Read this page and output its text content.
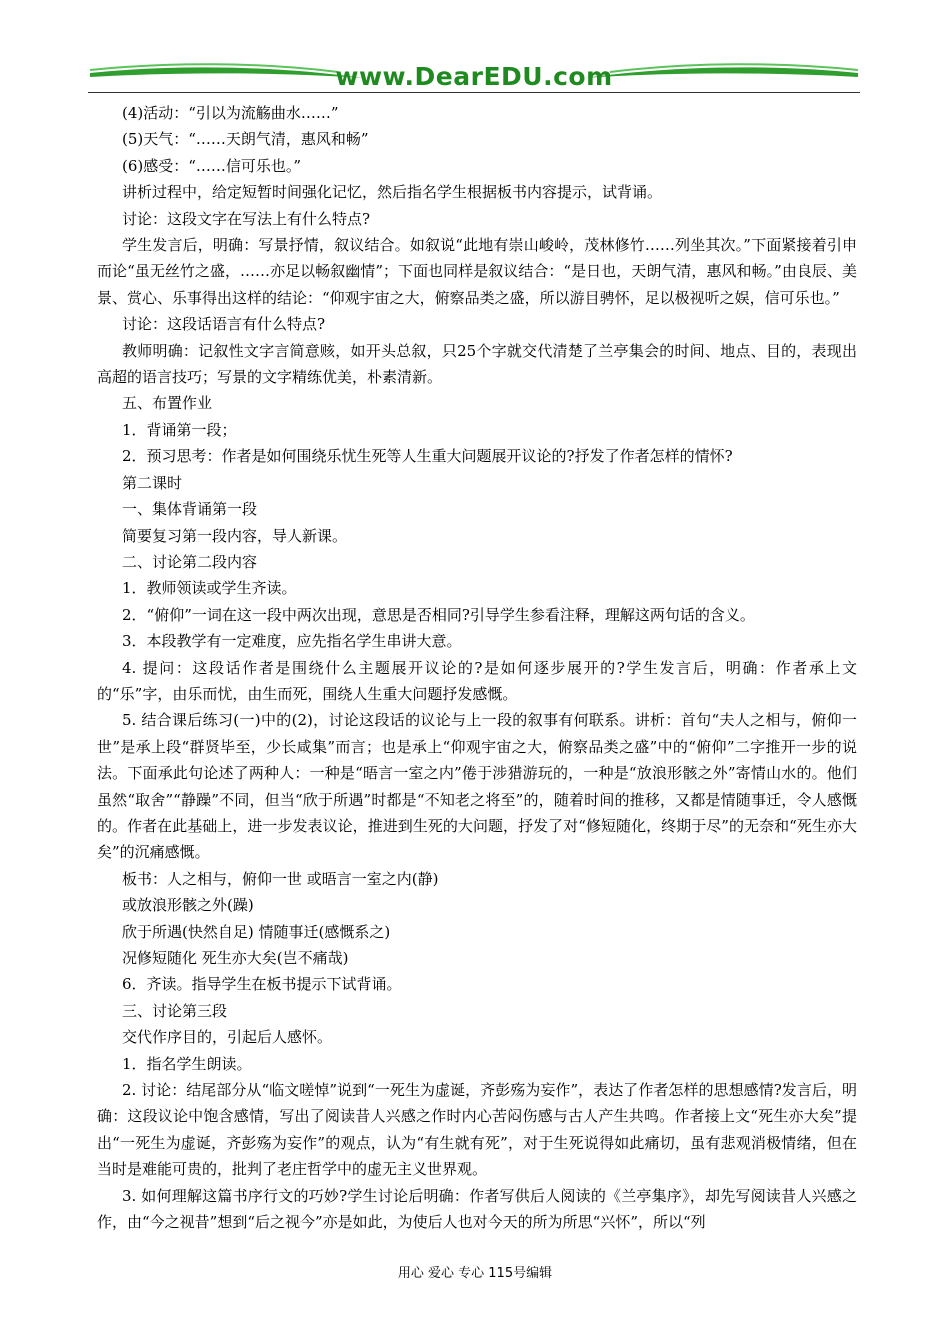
www.DearEDU.com

(4)活动：“引以为流觞曲水……”

(5)天气：“……天朗气清，惠风和畅”

(6)感受：“……信可乐也。”

讲析过程中，给定短暂时间强化记忆，然后指名学生根据板书内容提示，试背诵。

讨论：这段文字在写法上有什么特点?

学生发言后，明确：写景抒情，叙议结合。如叙说“此地有崇山峻岭，茂林修竹……列坐其次。”下面紧接着引申而论“虽无丝竹之盛，……亦足以畅叙幽情”；下面也同样是叙议结合：“是日也，天朗气清，惠风和畅。”由良辰、美景、赏心、乐事得出这样的结论：“仰观宇宙之大，俯察品类之盛，所以游目骋怀，足以极视听之娱，信可乐也。”

讨论：这段话语言有什么特点?

教师明确：记叙性文字言简意赅，如开头总叙，只25个字就交代清楚了兰亭集会的时间、地点、目的，表现出高超的语言技巧；写景的文字精练优美，朴素清新。

五、布置作业

1．背诵第一段；

2．预习思考：作者是如何围绕乐忧生死等人生重大问题展开议论的?抒发了作者怎样的情怀?

第二课时

一、集体背诵第一段

简要复习第一段内容，导人新课。

二、讨论第二段内容

1．教师领读或学生齐读。

2．“俯仰”一词在这一段中两次出现，意思是否相同?引导学生参看注释，理解这两句话的含义。

3．本段教学有一定难度，应先指名学生串讲大意。

4. 提问：这段话作者是围绕什么主题展开议论的?是如何逐步展开的?学生发言后，明确：作者承上文的“乐”字，由乐而忧，由生而死，围绕人生重大问题抒发感慨。

5. 结合课后练习(一)中的(2)，讨论这段话的议论与上一段的叙事有何联系。讲析：首句“夫人之相与，俯仰一世”是承上段“群贤毕至，少长咸集”而言；也是承上“仰观宇宙之大，俯察品类之盛”中的“俯仰”二字推开一步的说法。下面承此句论述了两种人：一种是“晤言一室之内”倦于涉猎游玩的，一种是“放浪形骸之外”寄情山水的。他们虽然“取舍”“静躁”不同，但当“欣于所遇”时都是“不知老之将至”的，随着时间的推移，又都是情随事迁，令人感慨的。作者在此基础上，进一步发表议论，推进到生死的大问题，抒发了对“修短随化，终期于尽”的无奈和“死生亦大矣”的沉痛感慨。

板书：人之相与，俯仰一世 或晤言一室之内(静)

或放浪形骸之外(躁)

欣于所遇(快然自足) 情随事迁(感慨系之)

况修短随化 死生亦大矣(岂不痛哉)

6．齐读。指导学生在板书提示下试背诵。

三、讨论第三段

交代作序目的，引起后人感怀。

1．指名学生朗读。

2. 讨论：结尾部分从“临文嗟悼”说到“一死生为虚诞，齐彭殇为妄作”，表达了作者怎样的思想感情?发言后，明确：这段议论中饱含感情，写出了阅读昔人兴感之作时内心苦闷伤感与古人产生共鸣。作者接上文“死生亦大矣”提出“一死生为虚诞，齐彭殇为妄作”的观点，认为“有生就有死”，对于生死说得如此痛切，虽有悲观消极情绪，但在当时是难能可贵的，批判了老庄哲学中的虚无主义世界观。

3. 如何理解这篇书序行文的巧妙?学生讨论后明确：作者写供后人阅读的《兰亭集序》，却先写阅读昔人兴感之作，由“今之视昔”想到“后之视今”亦是如此，为使后人也对今天的所为所思“兴怀”，所以“列

用心 爱心 专心 115号编辑
